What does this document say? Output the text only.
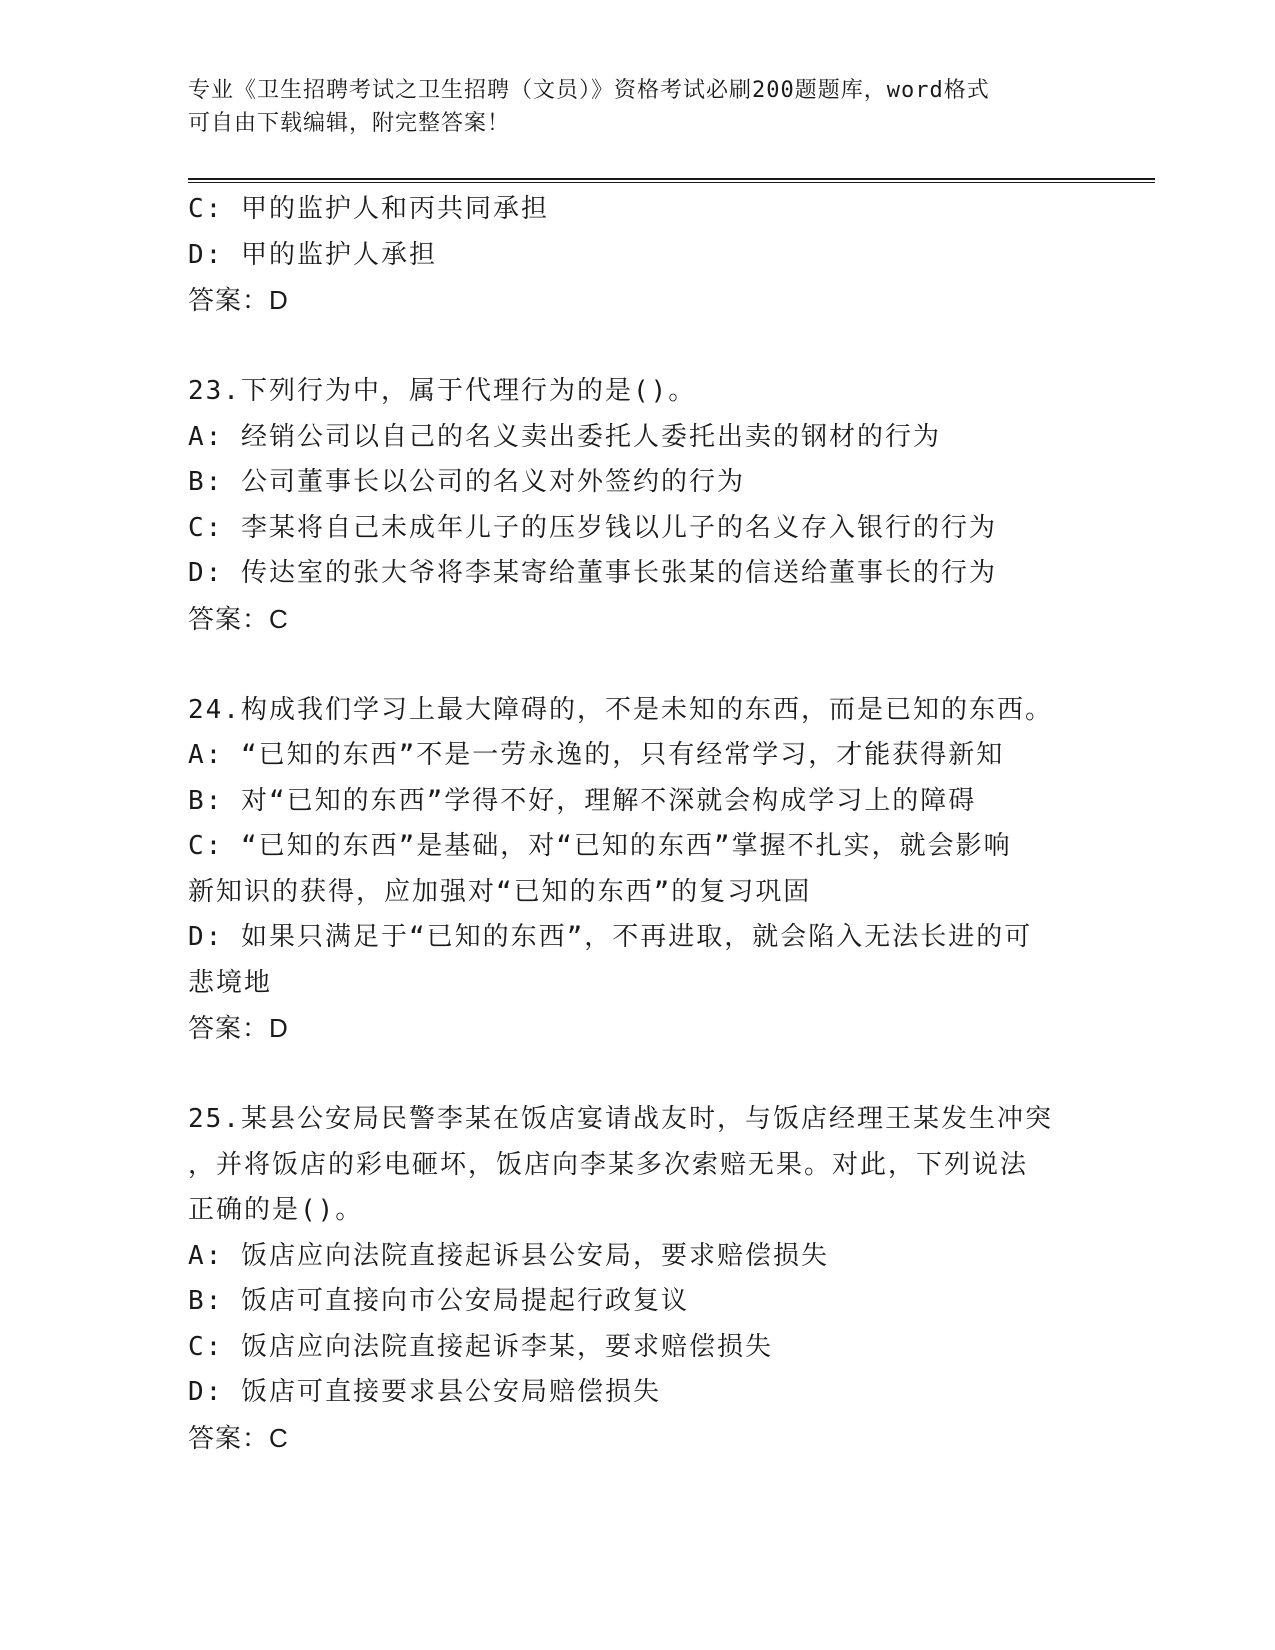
专业《卫生招聘考试之卫生招聘（文员）》资格考试必刷200题题库，word格式
可自由下载编辑，附完整答案！
C: 甲的监护人和丙共同承担
D: 甲的监护人承担
答案：D
23.下列行为中，属于代理行为的是()。
A: 经销公司以自己的名义卖出委托人委托出卖的钢材的行为
B: 公司董事长以公司的名义对外签约的行为
C: 李某将自己未成年儿子的压岁钱以儿子的名义存入银行的行为
D: 传达室的张大爷将李某寄给董事长张某的信送给董事长的行为
答案：C
24.构成我们学习上最大障碍的，不是未知的东西，而是已知的东西。
A: “已知的东西”不是一劳永逸的，只有经常学习，才能获得新知
B: 对“已知的东西”学得不好，理解不深就会构成学习上的障碍
C: “已知的东西”是基础，对“已知的东西”掌握不扎实，就会影响
新知识的获得，应加强对“已知的东西”的复习巩固
D: 如果只满足于“已知的东西”，不再进取，就会陷入无法长进的可
悲境地
答案：D
25.某县公安局民警李某在饭店宴请战友时，与饭店经理王某发生冲突
，并将饭店的彩电砸坏，饭店向李某多次索赔无果。对此，下列说法
正确的是()。
A: 饭店应向法院直接起诉县公安局，要求赔偿损失
B: 饭店可直接向市公安局提起行政复议
C: 饭店应向法院直接起诉李某，要求赔偿损失
D: 饭店可直接要求县公安局赔偿损失
答案：C
